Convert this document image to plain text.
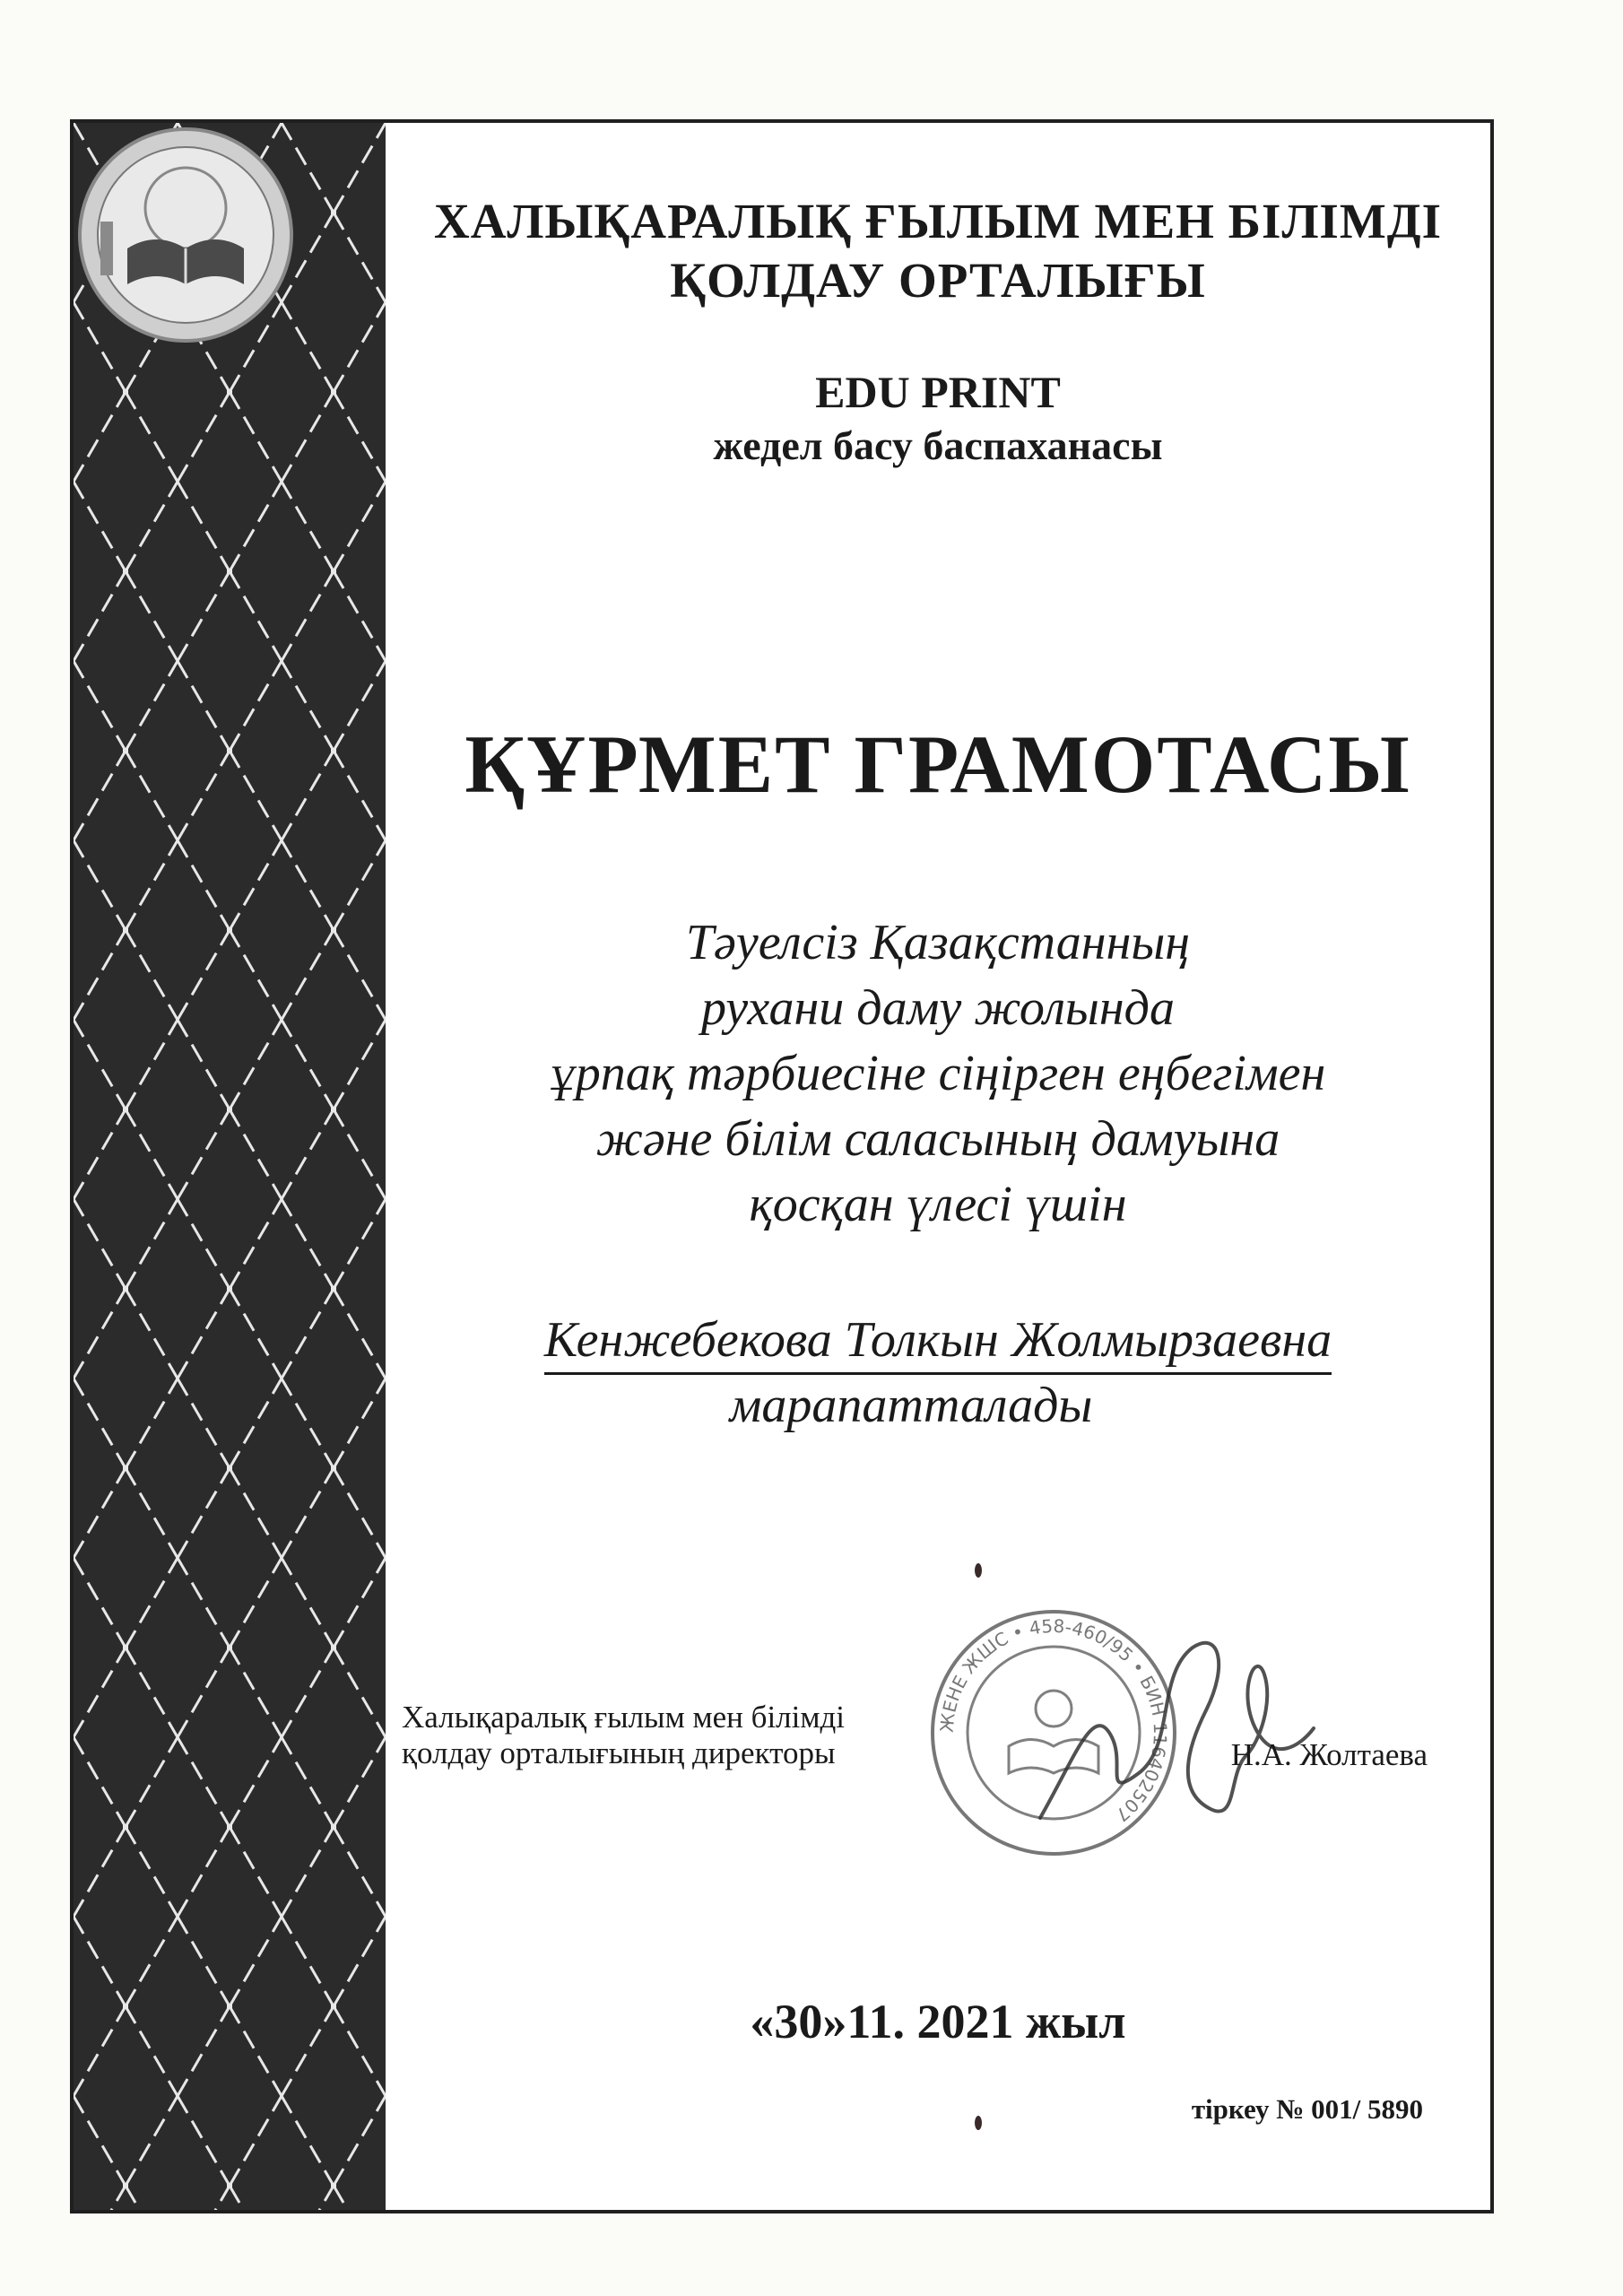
ХАЛЫҚАРАЛЫҚ ҒЫЛЫМ МЕН БІЛІМДІ
ҚОЛДАУ ОРТАЛЫҒЫ
EDU PRINT
жедел басу баспаханасы
ҚҰРМЕТ ГРАМОТАСЫ
Тәуелсіз Қазақстанның
рухани даму жолында
ұрпақ тәрбиесіне сіңірген еңбегімен
және білім саласының дамуына
қосқан үлесі үшін
Кенжебекова Толкын Жолмырзаевна
марапатталады
Халықаралық ғылым мен білімді
қолдау орталығының директоры
ЖЕНЕ ЖШС • 458-460/95 • БИН 116402507
Н.А. Жолтаева
«30»11. 2021 жыл
тіркеу № 001/ 5890
